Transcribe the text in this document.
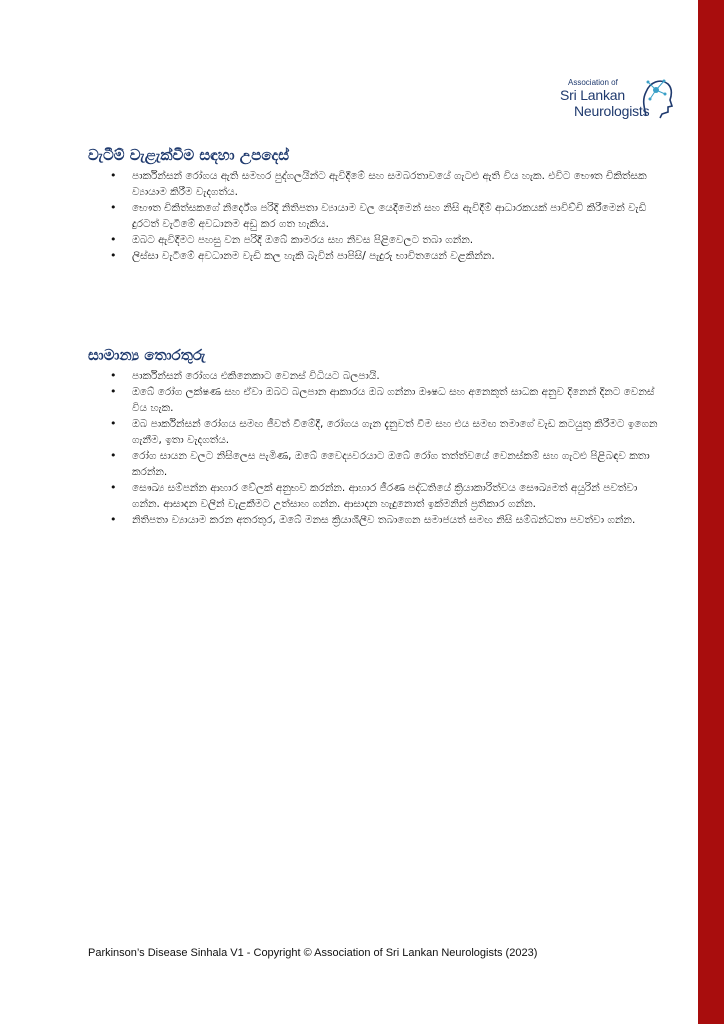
Association of
Sri Lankan
Neurologists
වැටීම් වැළැක්වීම සඳහා උපදෙස්
• පාර්කින්සන් රෝගය ඇති සමහර පුද්ගලයින්ට ඇවිදීමේ සහ සමබරතාවයේ ගැටළු ඇති විය හැක. එවිට භෞත චිකිත්සක ව්‍යායාම කිරීම වැදගත්ය.
• භෞත චිකිත්සකගේ නිර්දේශ පරිදි නිතිපතා ව්‍යායාම වල යෙදීමෙන් සහ නිසි ඇවිදීම් ආධාරකයක් පාවිච්චි කිරීමෙන් වැඩි දුරටත් වැටීමේ අවධානම අඩු කර ගත හැකිය.
• ඔබට ඇවිදීමට පහසු වන පරිදි ඔබේ කාමරය සහ නිවස පිළිවෙලට තබා ගන්න.
• ලිස්සා වැටීමේ අවධානම වැඩි කල හැකි බැවින් පාපිසි/ පැදුරු භාවිතයෙන් වළකින්න.
සාමාන්‍ය තොරතුරු
• පාර්කින්සන් රෝගය එකිනෙකාට වෙනස් විධියට බලපායි.
• ඔබේ රෝග ලක්ෂණ සහ ඒවා ඔබට බලපාන ආකාරය ඔබ ගන්නා ඖෂධ සහ අනෙකුත් සාධක අනුව දිනෙන් දිනට වෙනස් විය හැක.
• ඔබ පාර්කින්සන් රෝගය සමඟ ජීවත් වීමේදී, රෝගය ගැන දැනුවත් වීම සහ එය සමඟ තමාගේ වැඩ කටයුතු කිරීමට ඉගෙන ගැනීම, ඉතා වැදගත්ය.
• රෝග සායන වලට නිසිලෙස පැමිණ, ඔබේ වෛද්‍යවරයාට ඔබේ රෝග තත්ත්වයේ වෙනස්කම් සහ ගැටළු පිළිබඳව කතා කරන්න.
• සෞඛ්‍ය සම්පන්න ආහාර වේලක් අනුභව කරන්න. ආහාර ජීරණ පද්ධතියේ ක්‍රියාකාරිත්වය සෞඛ්‍යමත් අයුරින් පවත්වා ගන්න. ආසාදන වලින් වැළකීමට උත්සාහ ගන්න. ආසාදන හැදුනොත් ඉක්මනින් ප්‍රතිකාර ගන්න.
• නිතිපතා ව්‍යායාම කරන අතරතුර, ඔබේ මනස ක්‍රියාශීලීව තබාගෙන සමාජයත් සමඟ නිසි සම්බන්ධතා පවත්වා ගන්න.
Parkinson’s Disease Sinhala V1 - Copyright © Association of Sri Lankan Neurologists (2023)
